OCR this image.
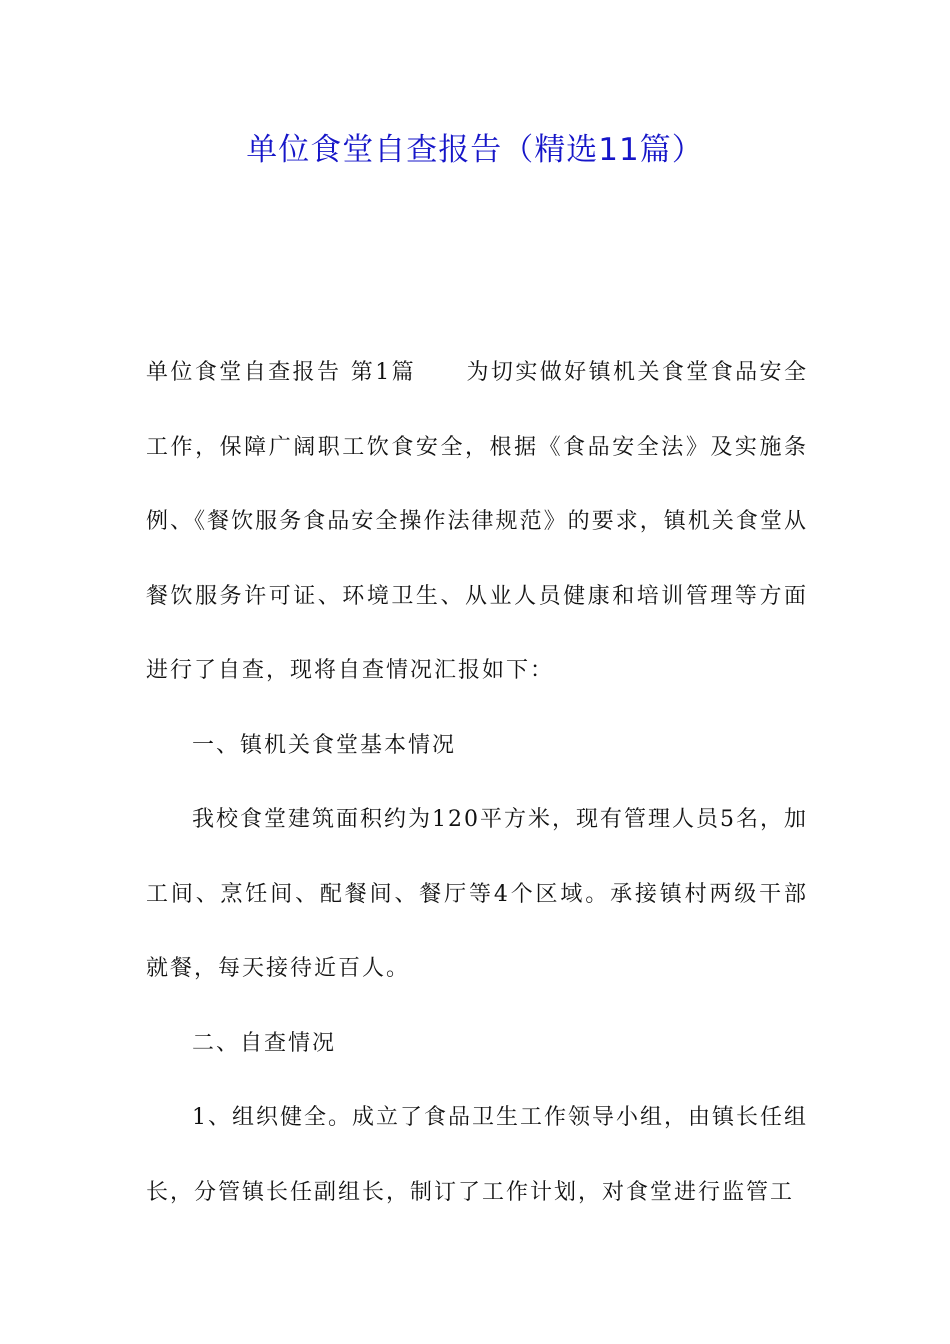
单位食堂自查报告（精选11篇）

单位食堂自查报告 第1篇 为切实做好镇机关食堂食品安全工作，保障广阔职工饮食安全，根据《食品安全法》及实施条例、《餐饮服务食品安全操作法律规范》的要求，镇机关食堂从餐饮服务许可证、环境卫生、从业人员健康和培训管理等方面进行了自查，现将自查情况汇报如下：

一、镇机关食堂基本情况

我校食堂建筑面积约为120平方米，现有管理人员5名，加工间、烹饪间、配餐间、餐厅等4个区域。承接镇村两级干部就餐，每天接待近百人。

二、自查情况

1、组织健全。成立了食品卫生工作领导小组，由镇长任组长，分管镇长任副组长，制订了工作计划，对食堂进行监管工
